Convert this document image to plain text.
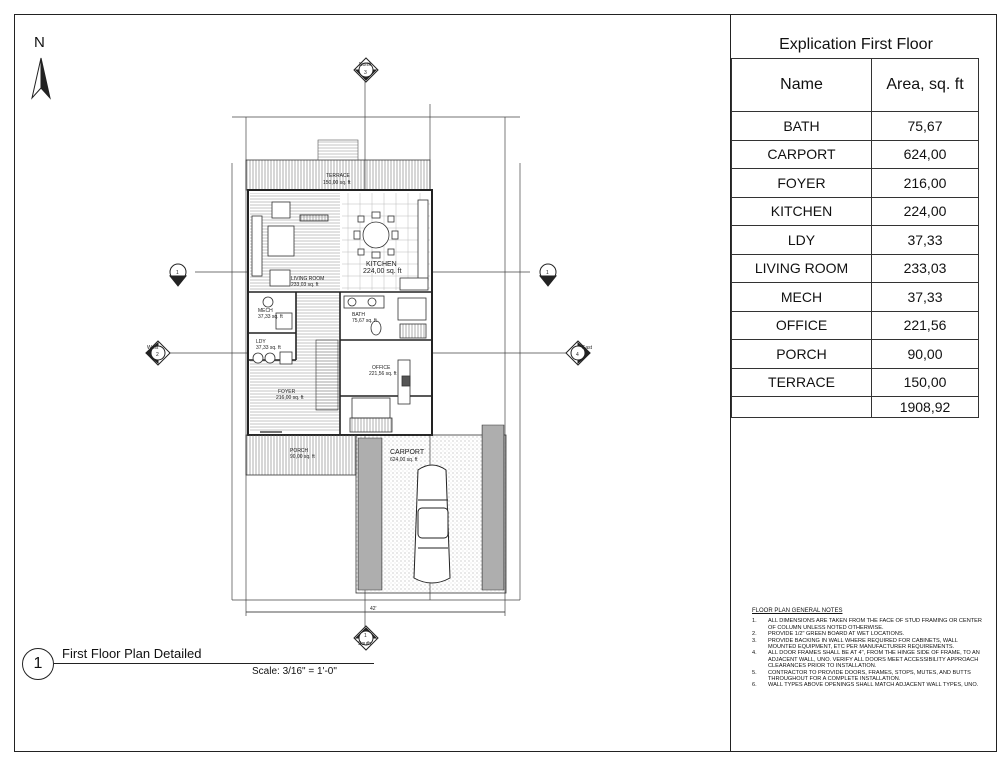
N
TERRACE
150,00 sq. ft
KITCHEN
224,00 sq. ft
LIVING ROOM
233,03 sq. ft
MECH
37,33 sq. ft
LDY
37,33 sq. ft
BATH
75,67 sq. ft
OFFICE
221,56 sq. ft
FOYER
216,00 sq. ft
PORCH
90,00 sq. ft
CARPORT
624,00 sq. ft
42'
North
3
1
South
2
West
4
East
1	1
Explication First Floor
Name	Area, sq. ft
BATH	75,67
CARPORT	624,00
FOYER	216,00
KITCHEN	224,00
LDY	37,33
LIVING ROOM	233,03
MECH	37,33
OFFICE	221,56
PORCH	90,00
TERRACE	150,00
	1908,92
1
First Floor Plan Detailed
Scale: 3/16" = 1'-0"
FLOOR PLAN GENERAL NOTES
1.	ALL DIMENSIONS ARE TAKEN FROM THE FACE OF STUD FRAMING OR CENTER OF COLUMN UNLESS NOTED OTHERWISE.
2.	PROVIDE 1/2" GREEN BOARD AT WET LOCATIONS.
3.	PROVIDE BACKING IN WALL WHERE REQUIRED FOR CABINETS, WALL MOUNTED EQUIPMENT, ETC PER MANUFACTURER REQUIREMENTS.
4.	ALL DOOR FRAMES SHALL BE AT 4", FROM THE HINGE SIDE OF FRAME, TO AN ADJACENT WALL, UNO. VERIFY ALL DOORS MEET ACCESSIBILITY APPROACH CLEARANCES PRIOR TO INSTALLATION.
5.	CONTRACTOR TO PROVIDE DOORS, FRAMES, STOPS, MUTES, AND BUTTS THROUGHOUT FOR A COMPLETE INSTALLATION.
6.	WALL TYPES ABOVE OPENINGS SHALL MATCH ADJACENT WALL TYPES, UNO.
